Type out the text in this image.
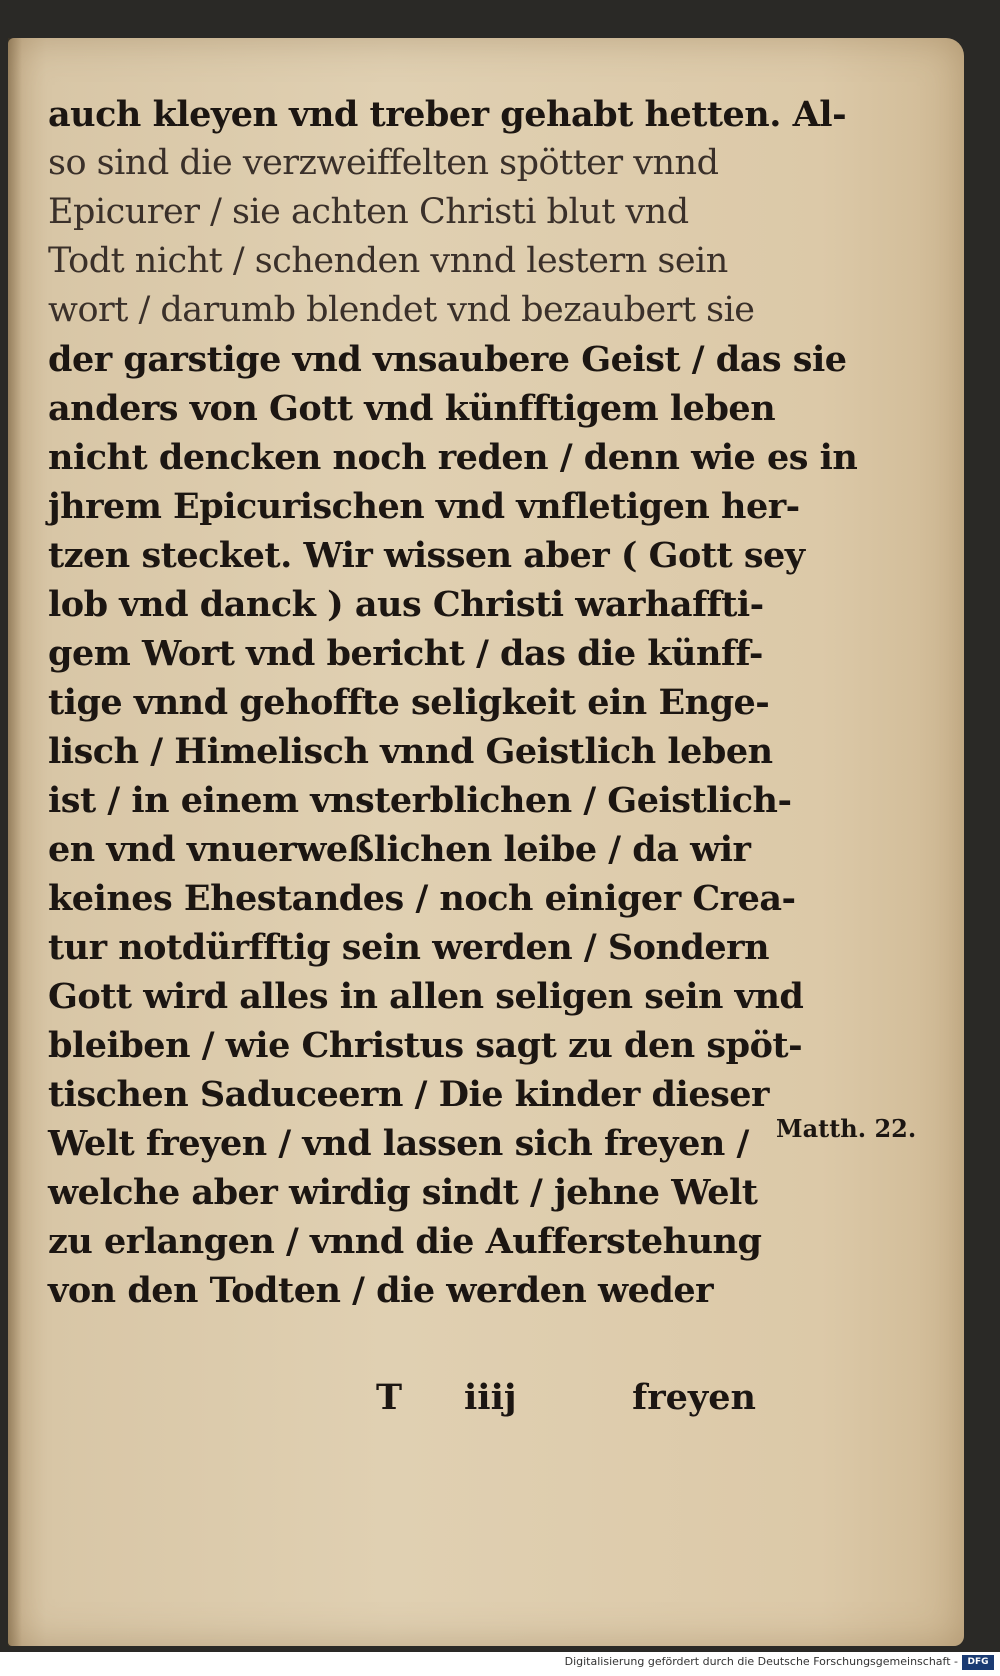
auch kleyen vnd treber gehabt hetten. Al-
so sind die verzweiffelten spötter vnnd
Epicurer / sie achten Christi blut vnd
Todt nicht / schenden vnnd lestern sein
wort / darumb blendet vnd bezaubert sie
der garstige vnd vnsaubere Geist / das sie
anders von Gott vnd künfftigem leben
nicht dencken noch reden / denn wie es in
jhrem Epicurischen vnd vnfletigen her-
tzen stecket. Wir wissen aber ( Gott sey
lob vnd danck ) aus Christi warhaffti-
gem Wort vnd bericht / das die künff-
tige vnnd gehoffte seligkeit ein Enge-
lisch / Himelisch vnnd Geistlich leben
ist / in einem vnsterblichen / Geistlich-
en vnd vnuerweßlichen leibe / da wir
keines Ehestandes / noch einiger Crea-
tur notdürfftig sein werden / Sondern
Gott wird alles in allen seligen sein vnd
bleiben / wie Christus sagt zu den spöt-
tischen Saduceern / Die kinder dieser
Welt freyen / vnd lassen sich freyen /
welche aber wirdig sindt / jehne Welt
zu erlangen / vnnd die Aufferstehung
von den Todten / die werden weder
T iiij	freyen
Matth. 22.
Digitalisierung gefördert durch die Deutsche Forschungsgemeinschaft -	DFG
